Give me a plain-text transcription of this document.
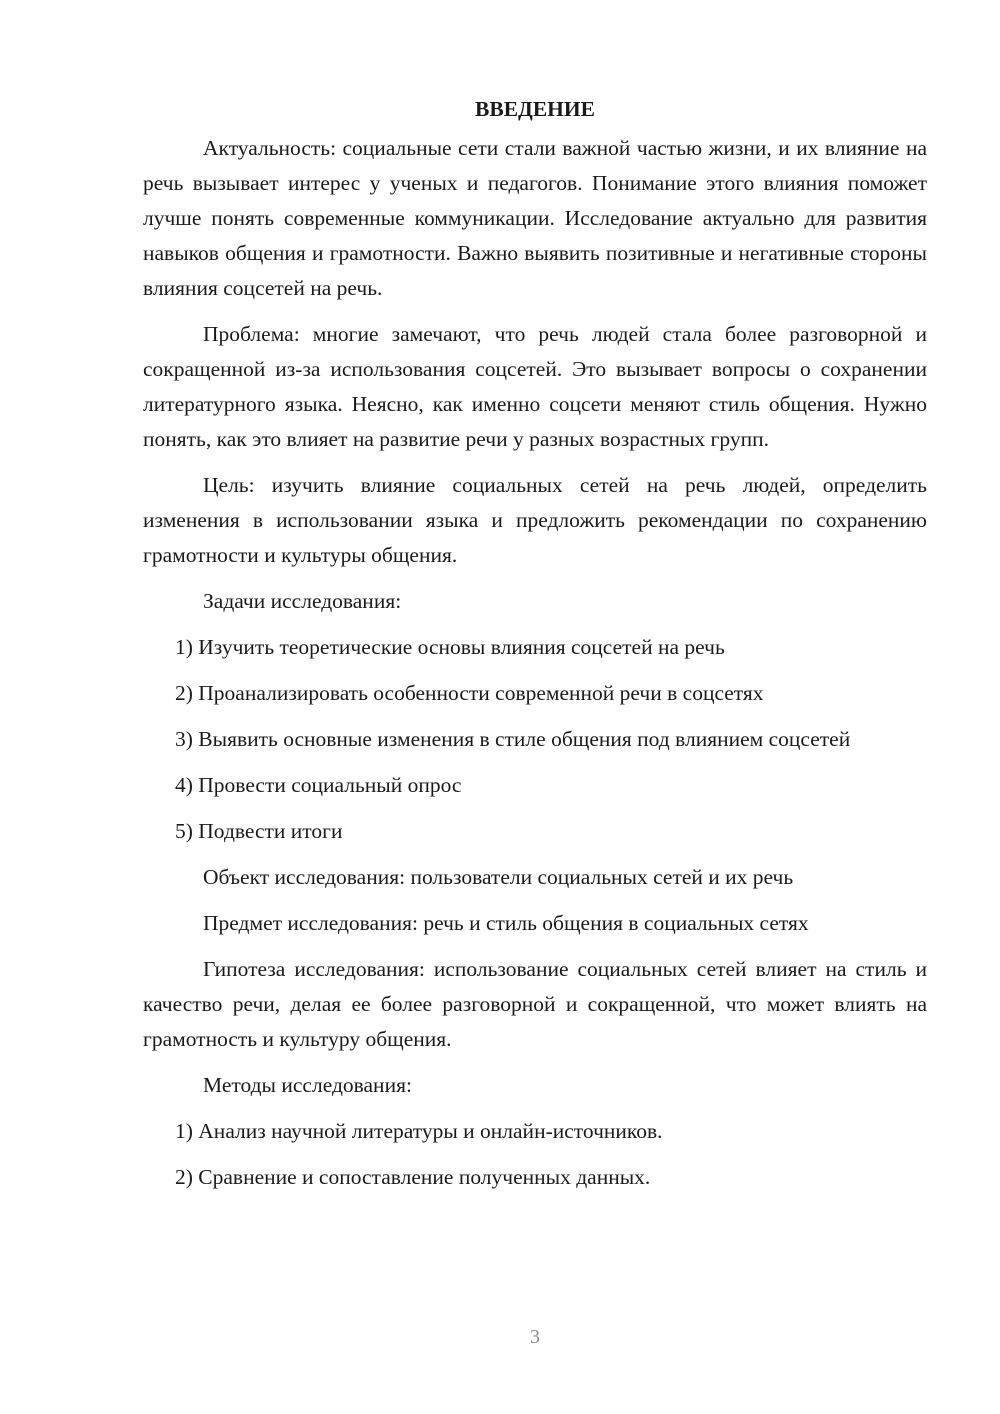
ВВЕДЕНИЕ

Актуальность: социальные сети стали важной частью жизни, и их влияние на речь вызывает интерес у ученых и педагогов. Понимание этого влияния поможет лучше понять современные коммуникации. Исследование актуально для развития навыков общения и грамотности. Важно выявить позитивные и негативные стороны влияния соцсетей на речь.

Проблема: многие замечают, что речь людей стала более разговорной и сокращенной из-за использования соцсетей. Это вызывает вопросы о сохранении литературного языка. Неясно, как именно соцсети меняют стиль общения. Нужно понять, как это влияет на развитие речи у разных возрастных групп.

Цель: изучить влияние социальных сетей на речь людей, определить изменения в использовании языка и предложить рекомендации по сохранению грамотности и культуры общения.

Задачи исследования:

1) Изучить теоретические основы влияния соцсетей на речь

2) Проанализировать особенности современной речи в соцсетях

3) Выявить основные изменения в стиле общения под влиянием соцсетей

4) Провести социальный опрос

5) Подвести итоги

Объект исследования: пользователи социальных сетей и их речь

Предмет исследования: речь и стиль общения в социальных сетях

Гипотеза исследования: использование социальных сетей влияет на стиль и качество речи, делая ее более разговорной и сокращенной, что может влиять на грамотность и культуру общения.

Методы исследования:

1) Анализ научной литературы и онлайн-источников.

2) Сравнение и сопоставление полученных данных.

3
